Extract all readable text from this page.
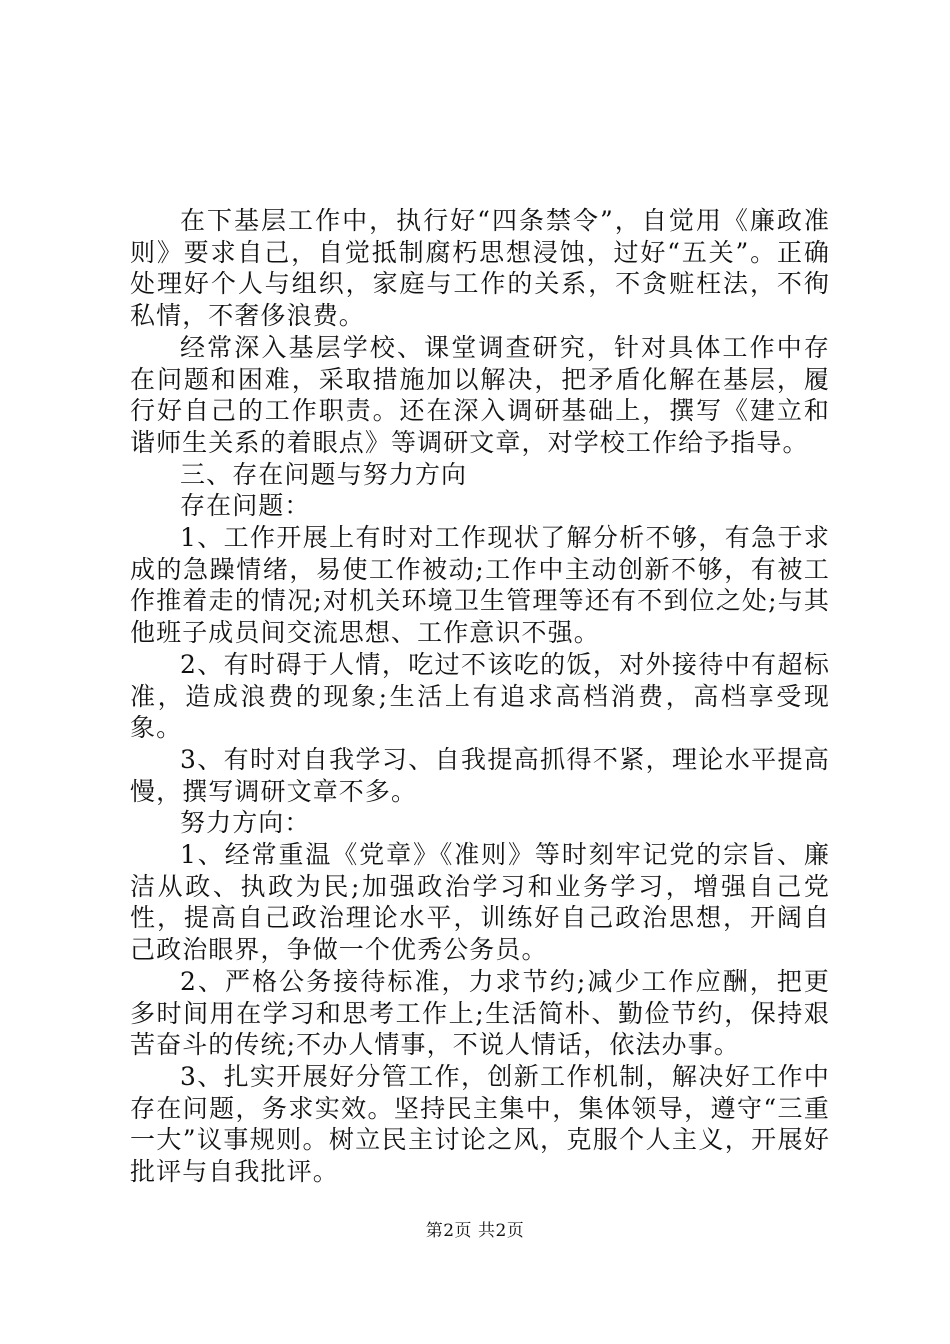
在下基层工作中，执行好“四条禁令”，自觉用《廉政准则》要求自己，自觉抵制腐朽思想浸蚀，过好“五关”。正确处理好个人与组织，家庭与工作的关系，不贪赃枉法，不徇私情，不奢侈浪费。

经常深入基层学校、课堂调查研究，针对具体工作中存在问题和困难，采取措施加以解决，把矛盾化解在基层，履行好自己的工作职责。还在深入调研基础上，撰写《建立和谐师生关系的着眼点》等调研文章，对学校工作给予指导。

三、存在问题与努力方向

存在问题：

1、工作开展上有时对工作现状了解分析不够，有急于求成的急躁情绪，易使工作被动;工作中主动创新不够，有被工作推着走的情况;对机关环境卫生管理等还有不到位之处;与其他班子成员间交流思想、工作意识不强。

2、有时碍于人情，吃过不该吃的饭，对外接待中有超标准，造成浪费的现象;生活上有追求高档消费，高档享受现象。

3、有时对自我学习、自我提高抓得不紧，理论水平提高慢，撰写调研文章不多。

努力方向：

1、经常重温《党章》《准则》等时刻牢记党的宗旨、廉洁从政、执政为民;加强政治学习和业务学习，增强自己党性，提高自己政治理论水平，训练好自己政治思想，开阔自己政治眼界，争做一个优秀公务员。

2、严格公务接待标准，力求节约;减少工作应酬，把更多时间用在学习和思考工作上;生活简朴、勤俭节约，保持艰苦奋斗的传统;不办人情事，不说人情话，依法办事。

3、扎实开展好分管工作，创新工作机制，解决好工作中存在问题，务求实效。坚持民主集中，集体领导，遵守“三重一大”议事规则。树立民主讨论之风，克服个人主义，开展好批评与自我批评。

第2页 共2页
